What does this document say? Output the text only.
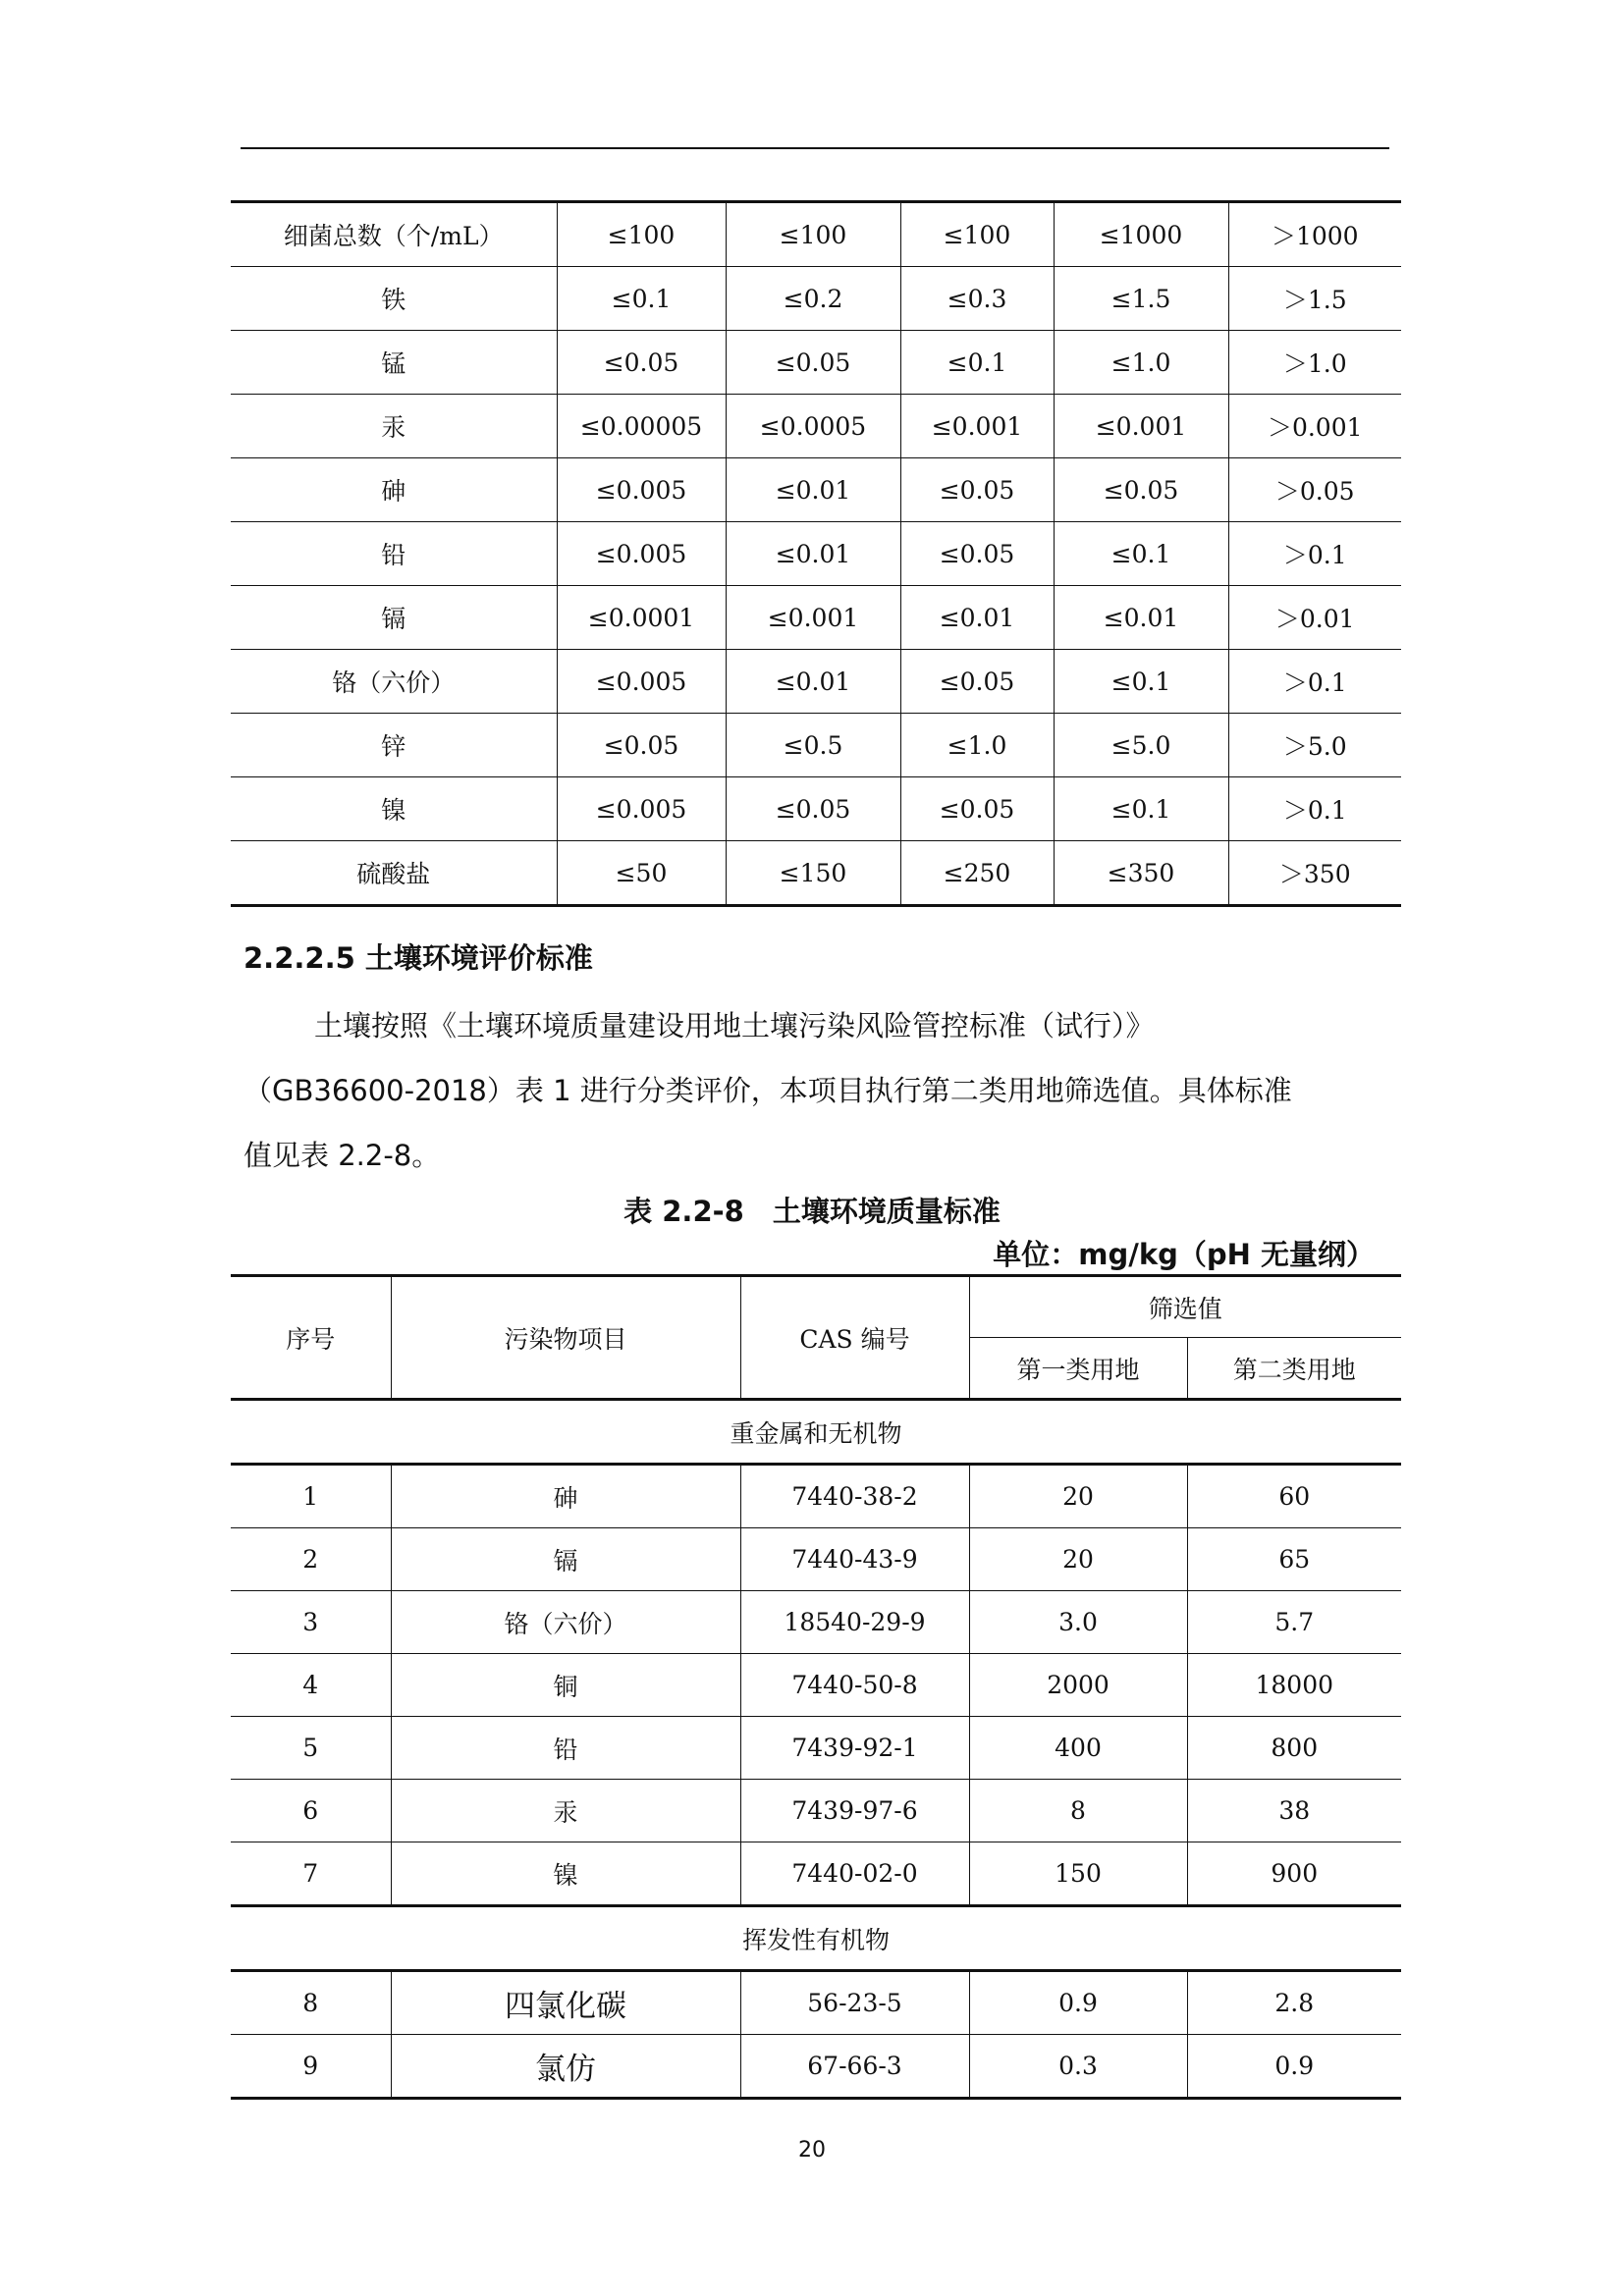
细菌总数（个/mL）	≤100	≤100	≤100	≤1000	＞1000
铁	≤0.1	≤0.2	≤0.3	≤1.5	＞1.5
锰	≤0.05	≤0.05	≤0.1	≤1.0	＞1.0
汞	≤0.00005	≤0.0005	≤0.001	≤0.001	＞0.001
砷	≤0.005	≤0.01	≤0.05	≤0.05	＞0.05
铅	≤0.005	≤0.01	≤0.05	≤0.1	＞0.1
镉	≤0.0001	≤0.001	≤0.01	≤0.01	＞0.01
铬（六价）	≤0.005	≤0.01	≤0.05	≤0.1	＞0.1
锌	≤0.05	≤0.5	≤1.0	≤5.0	＞5.0
镍	≤0.005	≤0.05	≤0.05	≤0.1	＞0.1
硫酸盐	≤50	≤150	≤250	≤350	＞350
2.2.2.5 土壤环境评价标准
土壤按照《土壤环境质量建设用地土壤污染风险管控标准（试行）》
（GB36600-2018）表 1 进行分类评价，本项目执行第二类用地筛选值。具体标准
值见表 2.2-8。
表 2.2-8　土壤环境质量标准
单位：mg/kg（pH 无量纲）
序号	污染物项目	CAS 编号	筛选值	
			第一类用地	第二类用地
重金属和无机物				
1	砷	7440-38-2	20	60
2	镉	7440-43-9	20	65
3	铬（六价）	18540-29-9	3.0	5.7
4	铜	7440-50-8	2000	18000
5	铅	7439-92-1	400	800
6	汞	7439-97-6	8	38
7	镍	7440-02-0	150	900
挥发性有机物				
8	四氯化碳	56-23-5	0.9	2.8
9	氯仿	67-66-3	0.3	0.9
20
